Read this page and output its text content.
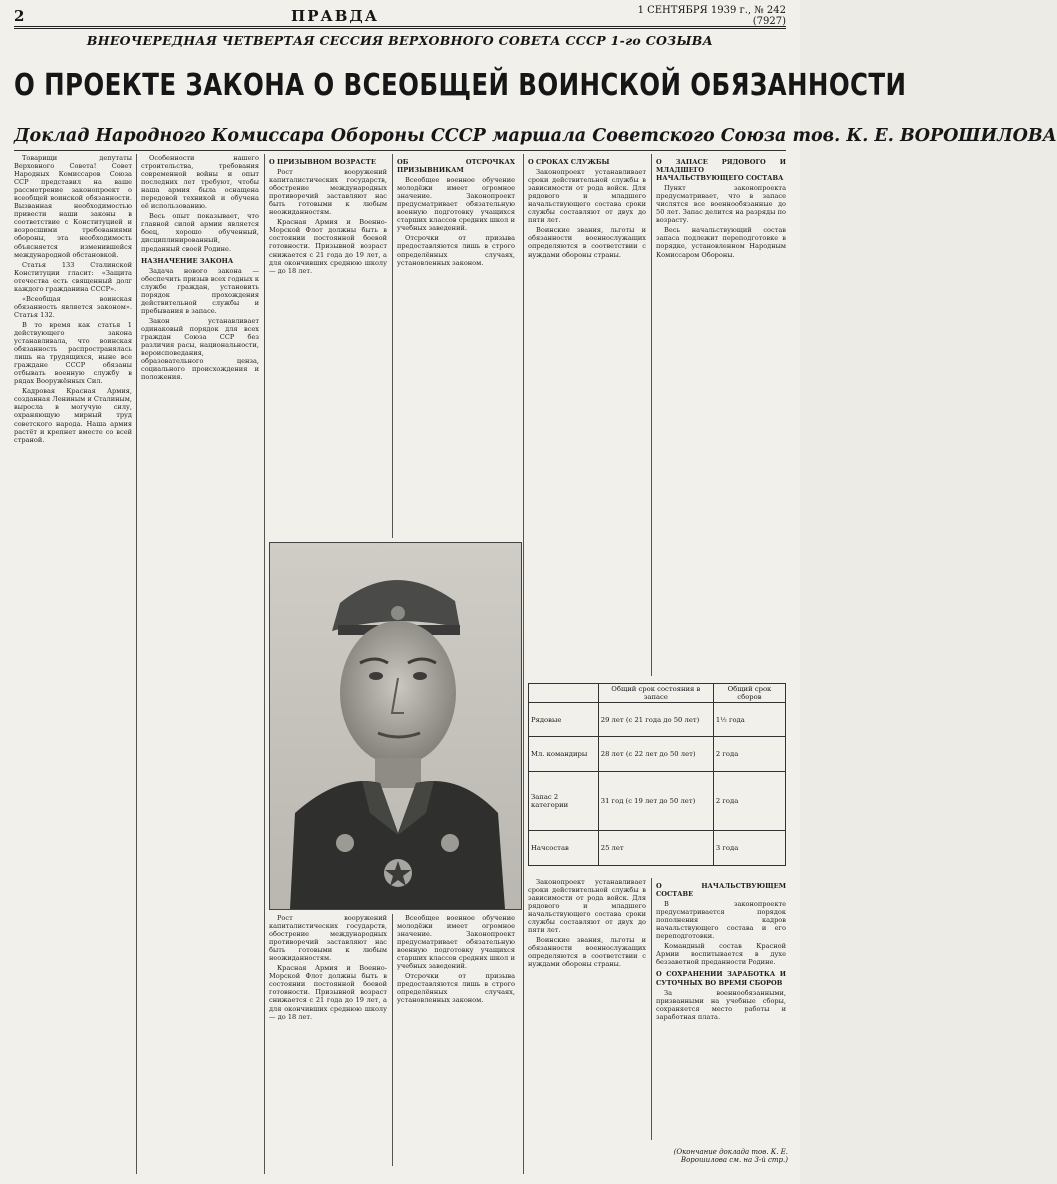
2	ПРАВДА	1 СЕНТЯБРЯ 1939 г., № 242 (7927)
ВНЕОЧЕРЕДНАЯ ЧЕТВЕРТАЯ СЕССИЯ ВЕРХОВНОГО СОВЕТА СССР 1-го СОЗЫВА
О ПРОЕКТЕ ЗАКОНА О ВСЕОБЩЕЙ ВОИНСКОЙ ОБЯЗАННОСТИ
Доклад Народного Комиссара Обороны СССР маршала Советского Союза тов. К. Е. ВОРОШИЛОВА

Товарищи депутаты Верховного Совета! Совет Народных Комиссаров Союза ССР представил на ваше рассмотрение законопроект о всеобщей воинской обязанности. Вызванная необходимостью привести наши законы в соответствие с Конституцией и возросшими требованиями обороны, эта необходимость объясняется изменившейся международной обстановкой.

Статья 133 Сталинской Конституции гласит: «Защита отечества есть священный долг каждого гражданина СССР».

«Всеобщая воинская обязанность является законом». Статья 132.

В то время как статья 1 действующего закона устанавливала, что воинская обязанность распространялась лишь на трудящихся, ныне все граждане СССР обязаны отбывать военную службу в рядах Вооружённых Сил.

Кадровая Красная Армия, созданная Лениным и Сталиным, выросла в могучую силу, охраняющую мирный труд советского народа. Наша армия растёт и крепнет вместе со всей страной.

Особенности нашего строительства, требования современной войны и опыт последних лет требуют, чтобы наша армия была оснащена передовой техникой и обучена её использованию.

Весь опыт показывает, что главной силой армии является боец, хорошо обученный, дисциплинированный, преданный своей Родине.

НАЗНАЧЕНИЕ ЗАКОНА

Задача нового закона — обеспечить призыв всех годных к службе граждан, установить порядок прохождения действительной службы и пребывания в запасе.

Закон устанавливает одинаковый порядок для всех граждан Союза ССР без различия расы, национальности, вероисповедания, образовательного ценза, социального происхождения и положения.

О ПРИЗЫВНОМ ВОЗРАСТЕ

Рост вооружений капиталистических государств, обострение международных противоречий заставляют нас быть готовыми к любым неожиданностям.

Красная Армия и Военно-Морской Флот должны быть в состоянии постоянной боевой готовности. Призывной возраст снижается с 21 года до 19 лет, а для окончивших среднюю школу — до 18 лет.

ОБ ОТСРОЧКАХ ПРИЗЫВНИКАМ

Всеобщее военное обучение молодёжи имеет огромное значение. Законопроект предусматривает обязательную военную подготовку учащихся старших классов средних школ и учебных заведений.

Отсрочки от призыва предоставляются лишь в строго определённых случаях, установленных законом.

О СРОКАХ СЛУЖБЫ

Законопроект устанавливает сроки действительной службы в зависимости от рода войск. Для рядового и младшего начальствующего состава сроки службы составляют от двух до пяти лет.

Воинские звания, льготы и обязанности военнослужащих определяются в соответствии с нуждами обороны страны.

О ЗАПАСЕ РЯДОВОГО И МЛАДШЕГО НАЧАЛЬСТВУЮЩЕГО СОСТАВА

Пункт законопроекта предусматривает, что в запасе числятся все военнообязанные до 50 лет. Запас делится на разряды по возрасту.

Весь начальствующий состав запаса подлежит переподготовке в порядке, установленном Народным Комиссаром Обороны.

	Общий срок состояния в запасе	Общий срок сборов
Рядовые	29 лет (с 21 года до 50 лет)	1½ года
Мл. командиры	28 лет (с 22 лет до 50 лет)	2 года
Запас 2 категории	31 год (с 19 лет до 50 лет)	2 года
Начсостав	25 лет	3 года

Законопроект устанавливает сроки действительной службы в зависимости от рода войск. Для рядового и младшего начальствующего состава сроки службы составляют от двух до пяти лет.

Воинские звания, льготы и обязанности военнослужащих определяются в соответствии с нуждами обороны страны.

О НАЧАЛЬСТВУЮЩЕМ СОСТАВЕ

В законопроекте предусматривается порядок пополнения кадров начальствующего состава и его переподготовки.

Командный состав Красной Армии воспитывается в духе беззаветной преданности Родине.

О СОХРАНЕНИИ ЗАРАБОТКА И СУТОЧНЫХ ВО ВРЕМЯ СБОРОВ

За военнообязанными, призванными на учебные сборы, сохраняется место работы и заработная плата.

Рост вооружений капиталистических государств, обострение международных противоречий заставляют нас быть готовыми к любым неожиданностям.

Красная Армия и Военно-Морской Флот должны быть в состоянии постоянной боевой готовности. Призывной возраст снижается с 21 года до 19 лет, а для окончивших среднюю школу — до 18 лет.

Всеобщее военное обучение молодёжи имеет огромное значение. Законопроект предусматривает обязательную военную подготовку учащихся старших классов средних школ и учебных заведений.

Отсрочки от призыва предоставляются лишь в строго определённых случаях, установленных законом.

(Окончание доклада тов. К. Е. Ворошилова см. на 3-й стр.)
